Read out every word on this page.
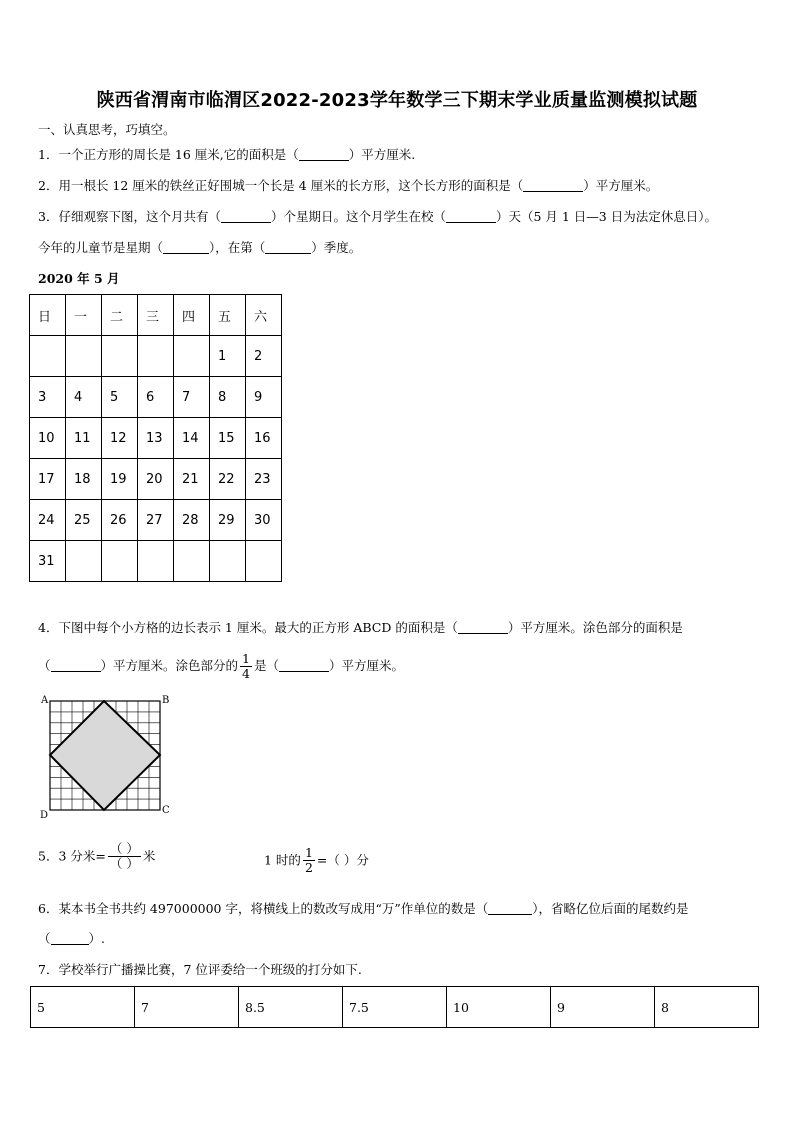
陕西省渭南市临渭区2022-2023学年数学三下期末学业质量监测模拟试题
一、认真思考，巧填空。
1．一个正方形的周长是 16 厘米,它的面积是（	）平方厘米.
2．用一根长 12 厘米的铁丝正好围城一个长是 4 厘米的长方形，这个长方形的面积是（	）平方厘米。
3．仔细观察下图，这个月共有（	）个星期日。这个月学生在校（	）天（5 月 1 日—3 日为法定休息日）。
今年的儿童节是星期（	），在第（	）季度。
2020 年 5 月
日	一	二	三	四	五	六
					1	2
3	4	5	6	7	8	9
10	11	12	13	14	15	16
17	18	19	20	21	22	23
24	25	26	27	28	29	30
31						
4．下图中每个小方格的边长表示 1 厘米。最大的正方形 ABCD 的面积是（	）平方厘米。涂色部分的面积是
（	）平方厘米。涂色部分的 $\frac{1}{4}$ 是（	）平方厘米。
A	B
C
D
5．3 分米= $\frac{( )}{( )}$ 米	1 时的 $\frac{1}{2}$ =（ ）分
6．某本书全书共约 497000000 字，将横线上的数改写成用“万”作单位的数是（	），省略亿位后面的尾数约是
（	）.
7．学校举行广播操比赛，7 位评委给一个班级的打分如下.
5	7	8.5	7.5	10	9	8
